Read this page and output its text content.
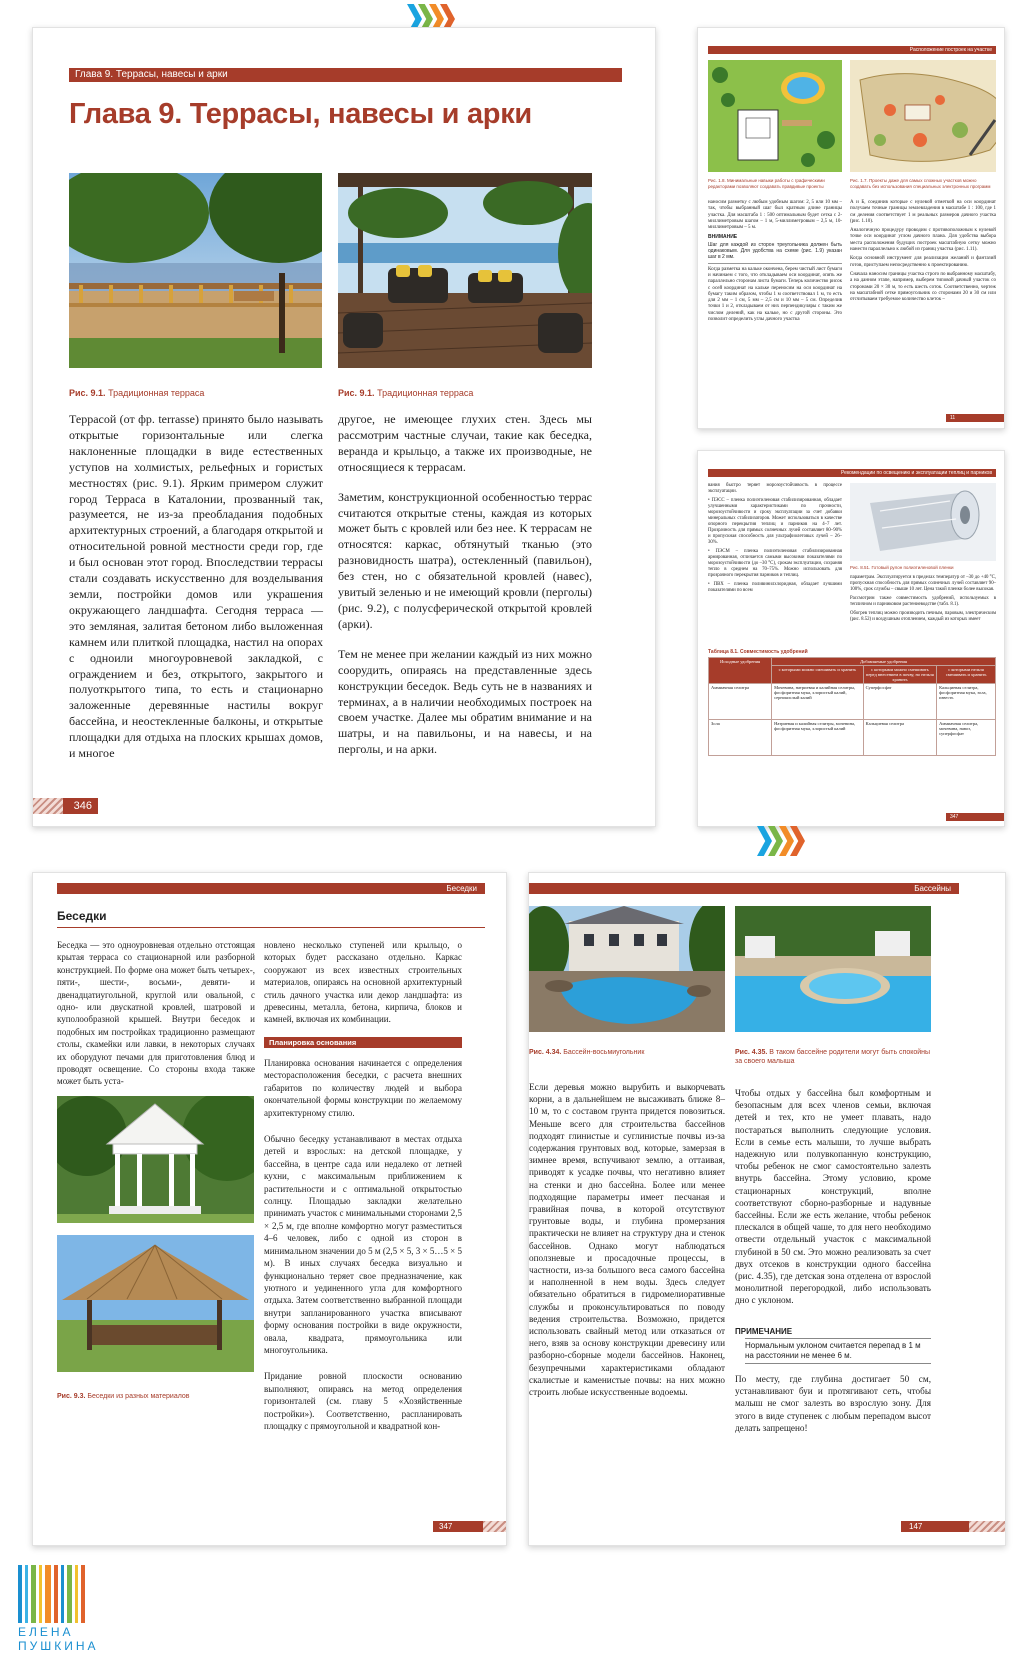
Глава 9. Террасы, навесы и арки
Глава 9. Террасы, навесы и арки
Рис. 9.1. Традиционная терраса	Рис. 9.1. Традиционная терраса

Террасой (от фр. terrasse) принято было называть открытые горизонтальные или слегка наклоненные площадки в виде естественных уступов на холмистых, рельефных и гористых местностях (рис. 9.1). Ярким примером служит город Терраса в Каталонии, прозванный так, разумеется, не из-за преобладания подобных архитектурных строений, а благодаря открытой и относительной ровной местности среди гор, где и был основан этот город. Впоследствии террасы стали создавать искусственно для возделывания земли, постройки домов или украшения окружающего ландшафта. Сегодня терраса — это земляная, залитая бетоном либо выложенная камнем или плиткой площадка, настил на опорах с одноили многоуровневой закладкой, с ограждением и без, открытого, закрытого и полуоткрытого типа, то есть и стационарно заложенные деревянные настилы вокруг бассейна, и неостекленные балконы, и открытые площадки для отдыха на плоских крышах домов, и многое

другое, не имеющее глухих стен. Здесь мы рассмотрим частные случаи, такие как беседка, веранда и крыльцо, а также их производные, не относящиеся к террасам.

Заметим, конструкционной особенностью террас считаются открытые стены, каждая из которых может быть с кровлей или без нее. К террасам не относятся: каркас, обтянутый тканью (это разновидность шатра), остекленный (павильон), без стен, но с обязательной кровлей (навес), увитый зеленью и не имеющий кровли (перголы) (рис. 9.2), с полусферической открытой кровлей (арки).

Тем не менее при желании каждый из них можно соорудить, опираясь на представленные здесь конструкции беседок. Ведь суть не в названиях и терминах, а в наличии необходимых построек на своем участке. Далее мы обратим внимание и на шатры, и на павильоны, и на навесы, и на перголы, и на арки.

346
Расположение построек на участке
Рис. 1.8. Минимальные навыки работы с графическими редакторами позволяют создавать правдивые проекты
Рис. 1.7. Проекты даже для самых сложных участков можно создавать без использования специальных электронных программ

наносим разметку с любым удобным шагом: 2, 5 или 10 мм – так, чтобы выбранный шаг был кратным длине границы участка. Для масштаба 1 : 500 оптимальным будет сетка с 2-миллиметровым шагом – 1 м, 5-миллиметровым – 2,5 м, 10-миллиметровым – 5 м.

ВНИМАНИЕ

Шаг для каждой из сторон треугольника должен быть одинаковым. Для удобства на схеме (рис. 1.9) указан шаг в 2 мм.

Когда разметка на кальке окончена, берем чистый лист бумаги и начинаем с того, что откладываем оси координат, опять же параллельно сторонам листа бумаги. Теперь количество рисок с осей координат на кальке переносим на оси координат на бумагу таким образом, чтобы 1 м соответствовал 1 м, то есть для 2 мм – 1 см, 5 мм – 2,5 см и 10 мм – 5 см. Определив точки 1 и 2, откладываем от них перпендикуляры с таким же числом делений, как на кальке, но с другой стороны. Это позволит определить углы дачного участка

А и Б, соединив которые с нулевой отметкой на оси координат получаем точные границы землевладения в масштабе 1 : 100, где 1 см деления соответствует 1 м реальных размеров дачного участка (рис. 1.10).

Аналогичную процедуру проводим с противоположным к нулевой точке оси координат углом дачного плана. Для удобства выбора места расположения будущих построек масштабную сетку можно нанести параллельно к любой из границ участка (рис. 1.11).

Когда основной инструмент для реализации желаний и фантазий готов, приступаем непосредственно к проектированию.

Сначала наносим границы участка строго по выбранному масштабу, а на данном этапе, например, выберем типовой дачный участок со сторонами 20 × 30 м, то есть шесть соток. Соответственно, чертеж на масштабной сетке прямоугольник со сторонами 20 и 30 см или отсчитываем требуемое количество клеток –

11
Рекомендации по освещению и эксплуатации теплиц и парников

вания быстро теряет морозоустойчивость в процессе эксплуатации.

• ПЭСС – пленка полиэтиленовая стабилизированная, обладает улучшенными характеристиками по прочности, морозоустойчивости и сроку эксплуатации за счет добавки минеральных стабилизаторов. Может использоваться в качестве опорного перекрытия теплиц и парников на 4–7 лет. Прозрачность для прямых солнечных лучей составляет 80–90% и пропускная способность для ультрафиолетовых лучей – 26–30%.

• ПЭСМ – пленка полиэтиленовая стабилизированная армированная, отличается самыми высокими показателями по морозоустойчивости (до –30 °С), срокам эксплуатации, сохраняя тепло в среднем на 70–75%. Можно использовать для прозрачного перекрытия парников и теплиц.

• ПВХ – пленка поливинилхлоридная, обладает лучшими показателями по всем

Рис. 8.51. Готовый рулон полиэтиленовой пленки

параметрам. Эксплуатируется в пределах температур от –30 до +40 °С, пропускная способность для прямых солнечных лучей составляет 90–100%, срок службы – свыше 10 лет. Цена такой пленки более высокая.

Рассмотрим также совместимость удобрений, используемых в тепличном и парниковом растениеводстве (табл. 8.1).

Обогрев теплиц можно производить печным, паровым, электрическим (рис. 8.52) и воздушным отоплением, каждый из которых имеет

Таблица 8.1. Совместимость удобрений
Исходные удобрения	Добавляемые удобрения		
	с которыми можно смешивать и хранить	с которыми можно смешивать перед внесением в почву, но нельзя хранить	с которыми нельзя смешивать и хранить
Аммиачная селитра	Мочевина, натриевая и калийная селитры, фосфоритная мука, хлористый калий, сернокислый калий	Суперфосфат	Кальциевая селитра, фосфоритная мука, зола, известь
Зола	Натриевая и калийная селитры, мочевина, фосфоритная мука, хлористый калий	Кальциевая селитра	Аммиачная селитра, мочевина, навоз, суперфосфат
347
Беседки
Беседки

Беседка — это одноуровневая отдельно отстоящая крытая терраса со стационарной или разборной конструкцией. По форме она может быть четырех-, пяти-, шести-, восьми-, девяти- и двенадцатиугольной, круглой или овальной, с одно- или двускатной кровлей, шатровой и куполообразной крышей. Внутри беседок и подобных им постройках традиционно размещают столы, скамейки или лавки, в некоторых случаях их оборудуют печами для приготовления блюд и проводят освещение. Со стороны входа также может быть уста-

Рис. 9.3. Беседки из разных материалов

новлено несколько ступеней или крыльцо, о которых будет рассказано отдельно. Каркас сооружают из всех известных строительных материалов, опираясь на основной архитектурный стиль дачного участка или декор ландшафта: из древесины, металла, бетона, кирпича, блоков и камней, включая их комбинации.

Планировка основания

Планировка основания начинается с определения месторасположения беседки, с расчета внешних габаритов по количеству людей и выбора окончательной формы конструкции по желаемому архитектурному стилю.

Обычно беседку устанавливают в местах отдыха детей и взрослых: на детской площадке, у бассейна, в центре сада или недалеко от летней кухни, с максимальным приближением к растительности и с оптимальной открытостью солнцу. Площадью закладки желательно принимать участок с минимальными сторонами 2,5 × 2,5 м, где вполне комфортно могут разместиться 4–6 человек, либо с одной из сторон в минимальном значении до 5 м (2,5 × 5, 3 × 5…5 × 5 м). В иных случаях беседка визуально и функционально теряет свое предназначение, как уютного и уединенного угла для комфортного отдыха. Затем соответственно выбранной площади внутри запланированного участка вписывают форму основания постройки в виде окружности, овала, квадрата, прямоугольника или многоугольника.

Придание ровной плоскости основанию выполняют, опираясь на метод определения горизонталей (см. главу 5 «Хозяйственные постройки»). Соответственно, распланировать площадку с прямоугольной и квадратной кон-

347
Бассейны
Рис. 4.34. Бассейн-восьмиугольник	Рис. 4.35. В таком бассейне родители могут быть спокойны за своего малыша

Если деревья можно вырубить и выкорчевать корни, а в дальнейшем не высаживать ближе 8–10 м, то с составом грунта придется повозиться. Меньше всего для строительства бассейнов подходят глинистые и суглинистые почвы из-за содержания грунтовых вод, которые, замерзая в зимнее время, вспучивают землю, а оттаивая, приводят к усадке почвы, что негативно влияет на стенки и дно бассейна. Более или менее подходящие параметры имеет песчаная и гравийная почва, в которой отсутствуют грунтовые воды, и глубина промерзания практически не влияет на структуру дна и стенок бассейнов. Однако могут наблюдаться оползневые и просадочные процессы, в частности, из-за большого веса самого бассейна и наполненной в нем воды. Здесь следует обязательно обратиться в гидромелиоративные службы и проконсультироваться по поводу ведения строительства. Возможно, придется использовать свайный метод или отказаться от него, взяв за основу конструкции древесину или разборно-сборные модели бассейнов. Наконец, безупречными характеристиками обладают скалистые и каменистые почвы: на них можно строить любые искусственные водоемы.

Чтобы отдых у бассейна был комфортным и безопасным для всех членов семьи, включая детей и тех, кто не умеет плавать, надо постараться выполнить следующие условия. Если в семье есть малыши, то лучше выбрать надежную или полувкопанную конструкцию, чтобы ребенок не смог самостоятельно залезть внутрь бассейна. Этому условию, кроме стационарных конструкций, вполне соответствуют сборно-разборные и надувные бассейны. Если же есть желание, чтобы ребенок плескался в общей чаше, то для него необходимо отвести отдельный участок с максимальной глубиной в 50 см. Это можно реализовать за счет двух отсеков в конструкции одного бассейна (рис. 4.35), где детская зона отделена от взрослой монолитной перегородкой, либо использовать дно с уклоном.

ПРИМЕЧАНИЕ
Нормальным уклоном считается перепад в 1 м на расстоянии не менее 6 м.

По месту, где глубина достигает 50 см, устанавливают буи и протягивают сеть, чтобы малыш не смог залезть во взрослую зону. Для этого в виде ступенек с любым перепадом высот делать запрещено!

147
ЕЛЕНА ПУШКИНА
